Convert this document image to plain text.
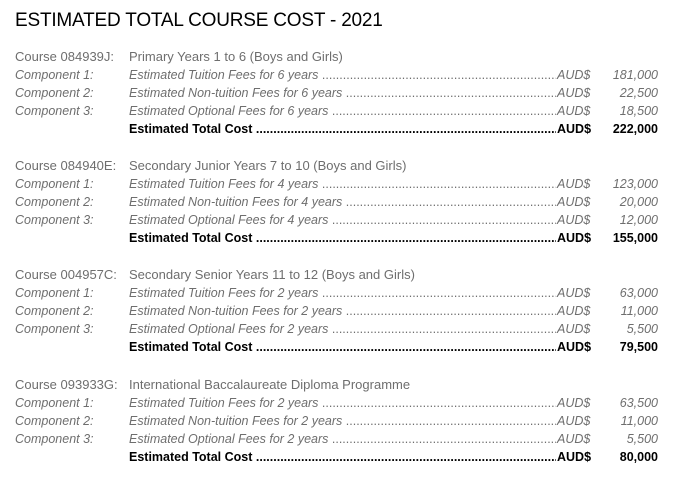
ESTIMATED TOTAL COURSE COST - 2021
Course 084939J: Primary Years 1 to 6 (Boys and Girls)
Component 1:	Estimated Tuition Fees for 6 years .....	AUD$ 181,000
Component 2:	Estimated Non-tuition Fees for 6 years .....	AUD$ 22,500
Component 3:	Estimated Optional Fees for 6 years .....	AUD$ 18,500
Estimated Total Cost .....	AUD$ 222,000
Course 084940E: Secondary Junior Years 7 to 10 (Boys and Girls)
Component 1:	Estimated Tuition Fees for 4 years .....	AUD$ 123,000
Component 2:	Estimated Non-tuition Fees for 4 years .....	AUD$ 20,000
Component 3:	Estimated Optional Fees for 4 years .....	AUD$ 12,000
Estimated Total Cost .....	AUD$ 155,000
Course 004957C: Secondary Senior Years 11 to 12 (Boys and Girls)
Component 1:	Estimated Tuition Fees for 2 years .....	AUD$ 63,000
Component 2:	Estimated Non-tuition Fees for 2 years .....	AUD$ 11,000
Component 3:	Estimated Optional Fees for 2 years .....	AUD$	5,500
Estimated Total Cost .....	AUD$ 79,500
Course 093933G: International Baccalaureate Diploma Programme
Component 1:	Estimated Tuition Fees for 2 years .....	AUD$ 63,500
Component 2:	Estimated Non-tuition Fees for 2 years .....	AUD$ 11,000
Component 3:	Estimated Optional Fees for 2 years .....	AUD$	5,500
Estimated Total Cost .....	AUD$ 80,000
